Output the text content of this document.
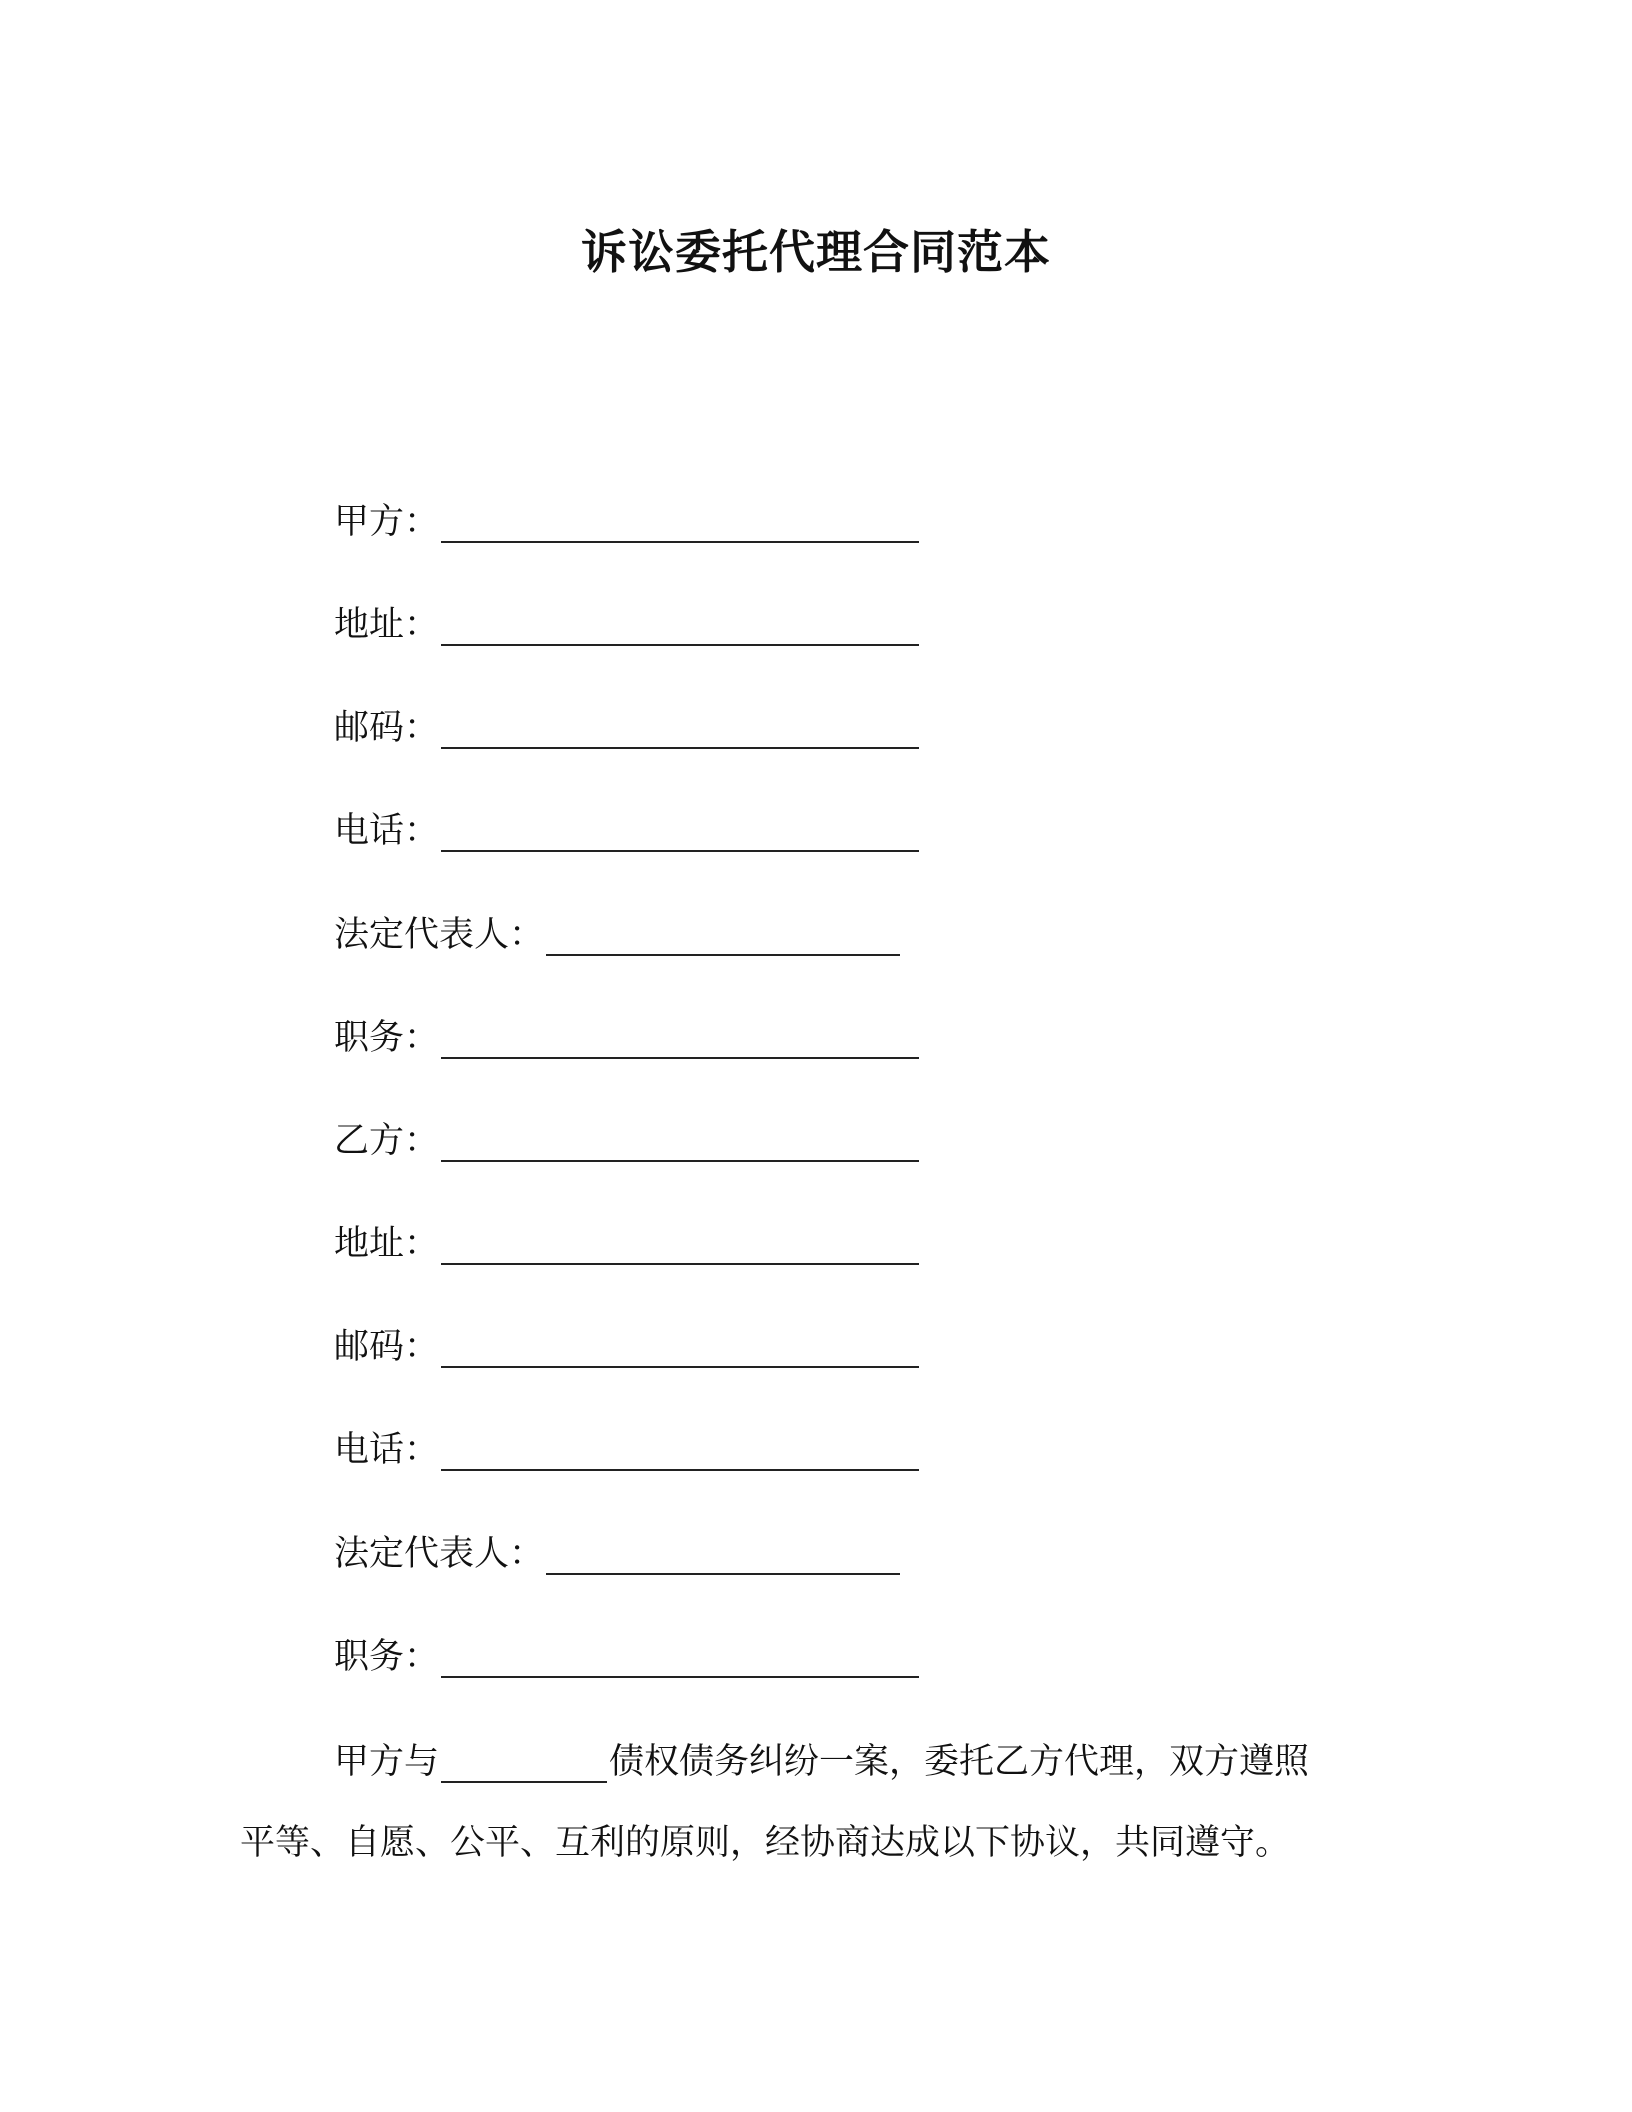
诉讼委托代理合同范本
甲方：
地址：
邮码：
电话：
法定代表人：
职务：
乙方：
地址：
邮码：
电话：
法定代表人：
职务：
甲方与	债权债务纠纷一案，委托乙方代理，双方遵照
平等、自愿、公平、互利的原则，经协商达成以下协议，共同遵守。
